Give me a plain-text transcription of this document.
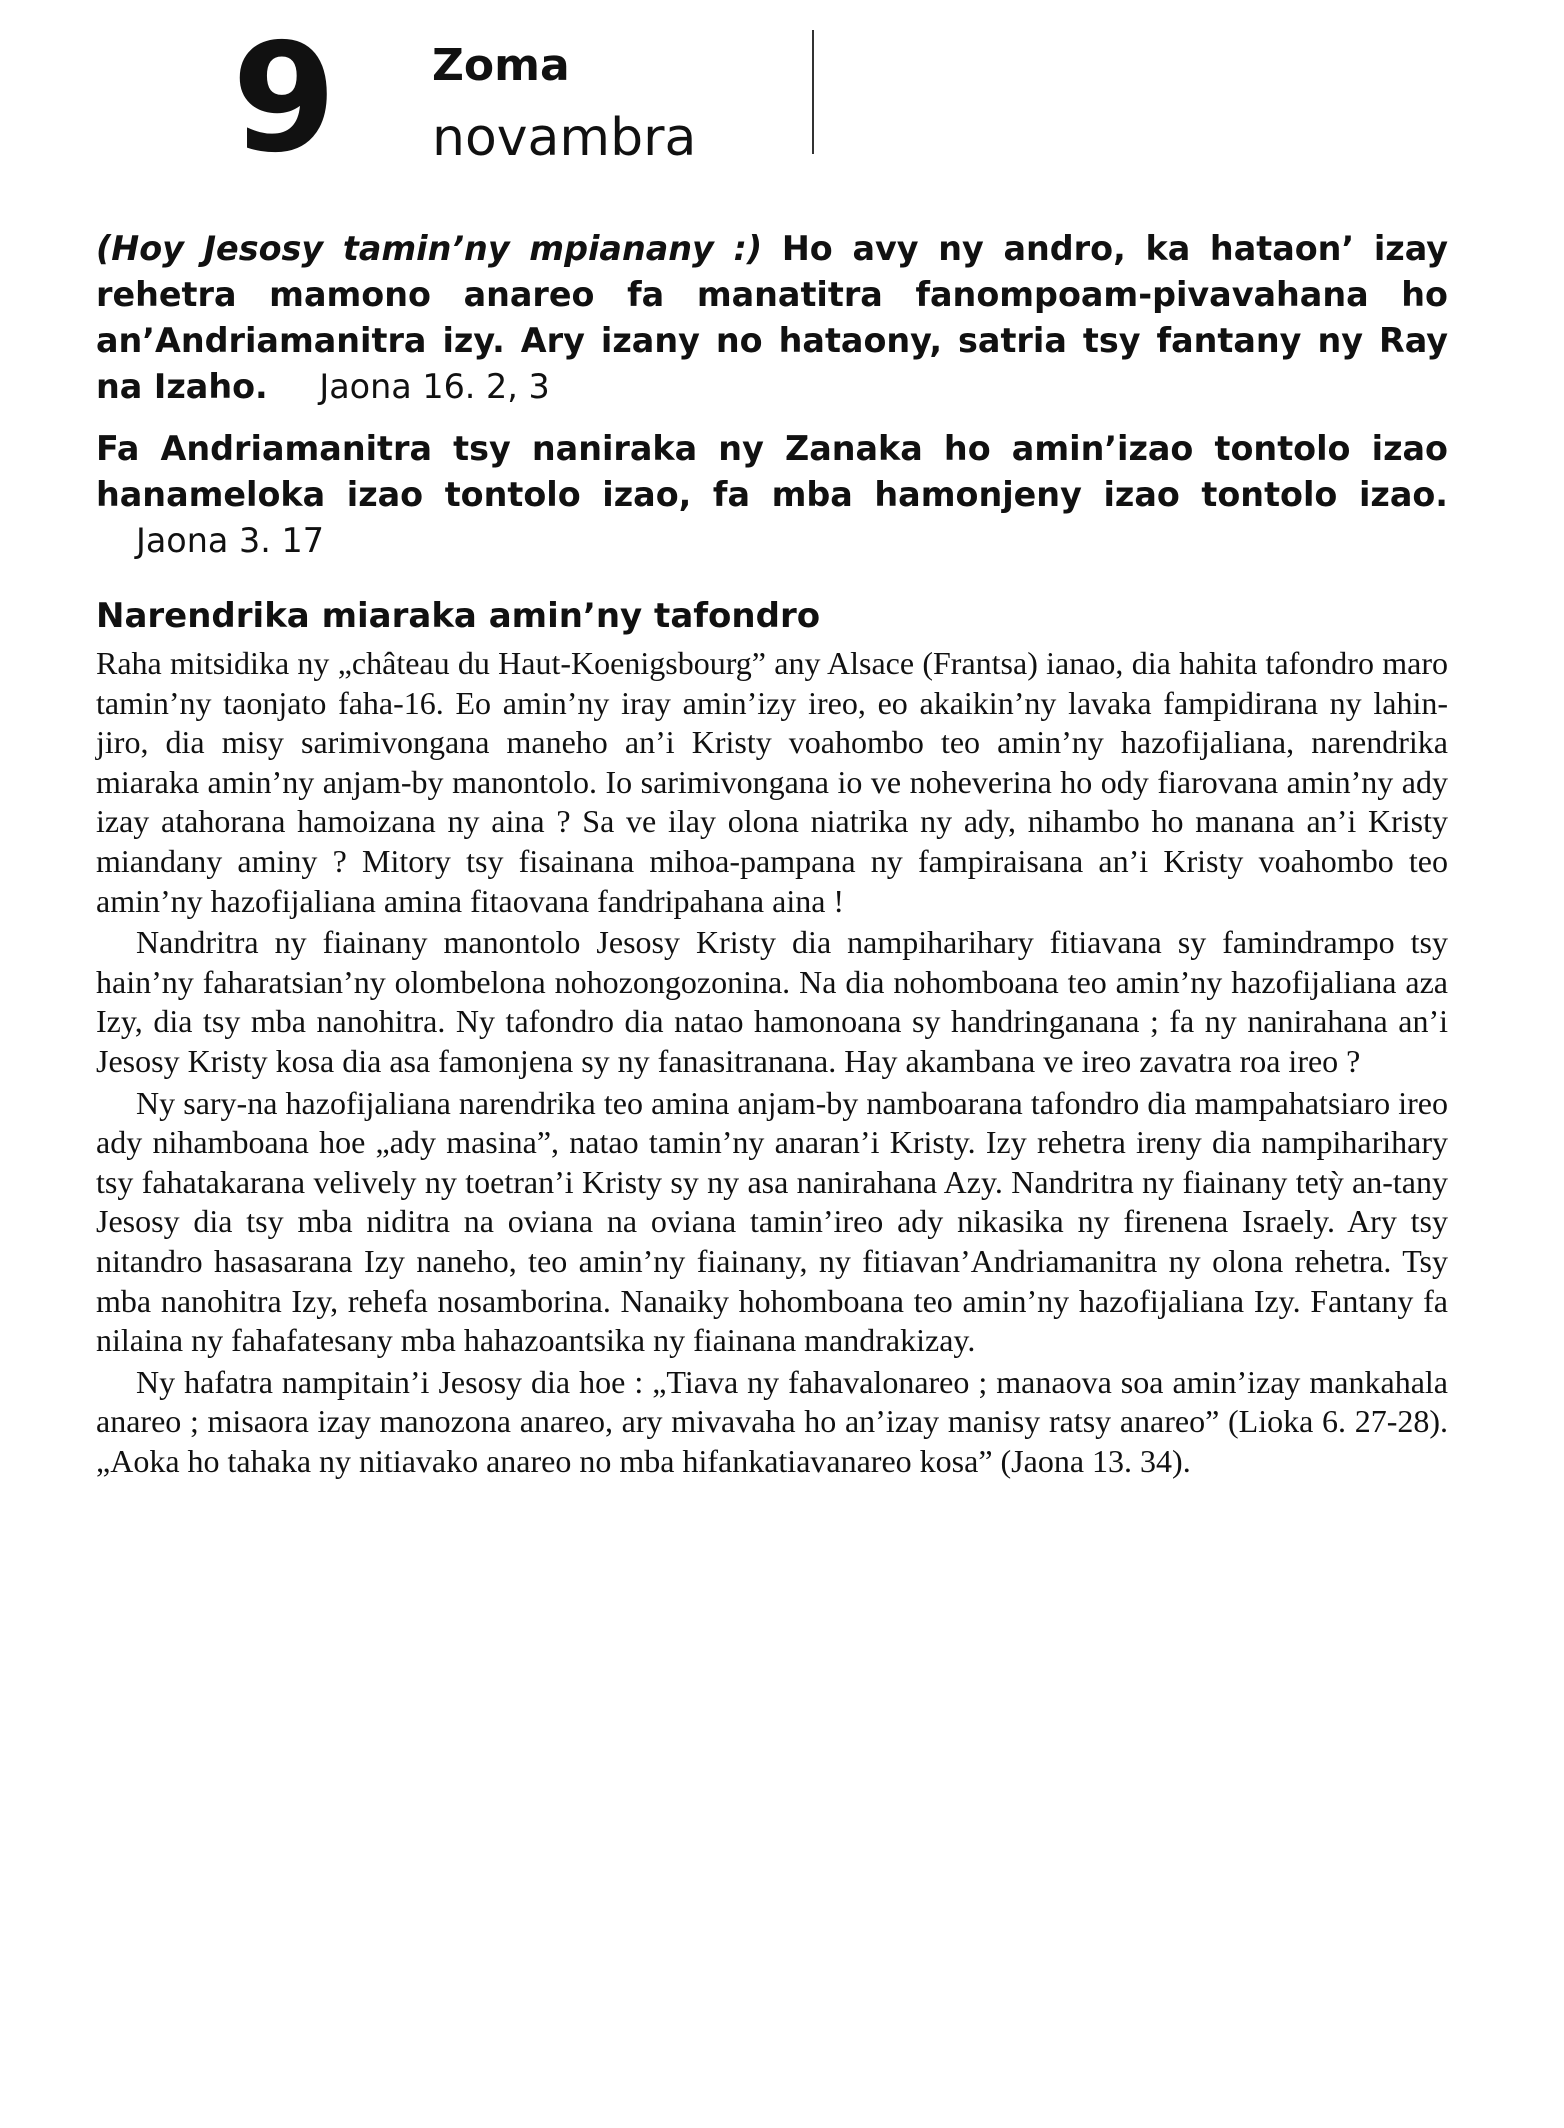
9 Zoma
novambra

(Hoy Jesosy tamin’ny mpianany :) Ho avy ny andro, ka hataon’ izay rehetra mamono anareo fa manatitra fanompoam-pivavahana ho an’Andriamanitra izy. Ary izany no hataony, satria tsy fantany ny Ray na Izaho. Jaona 16. 2, 3

Fa Andriamanitra tsy naniraka ny Zanaka ho amin’izao tontolo izao hanameloka izao tontolo izao, fa mba hamonjeny izao tontolo izao. Jaona 3. 17

Narendrika miaraka amin’ny tafondro

Raha mitsidika ny „château du Haut-Koenigsbourg” any Alsace (Frantsa) ianao, dia hahita tafondro maro tamin’ny taonjato faha-16. Eo amin’ny iray amin’izy ireo, eo akaikin’ny lavaka fampidirana ny lahin-jiro, dia misy sarimivongana maneho an’i Kristy voahombo teo amin’ny hazofijaliana, narendrika miaraka amin’ny anjam-by manontolo. Io sarimivongana io ve noheverina ho ody fiarovana amin’ny ady izay atahorana hamoizana ny aina ? Sa ve ilay olona niatrika ny ady, nihambo ho manana an’i Kristy miandany aminy ? Mitory tsy fisainana mihoa-pampana ny fampiraisana an’i Kristy voahombo teo amin’ny hazofijaliana amina fitaovana fandripahana aina !

Nandritra ny fiainany manontolo Jesosy Kristy dia nampiharihary fitiavana sy famindrampo tsy hain’ny faharatsian’ny olombelona nohozongozonina. Na dia nohomboana teo amin’ny hazofijaliana aza Izy, dia tsy mba nanohitra. Ny tafondro dia natao hamonoana sy handringanana ; fa ny nanirahana an’i Jesosy Kristy kosa dia asa famonjena sy ny fanasitranana. Hay akambana ve ireo zavatra roa ireo ?

Ny sary-na hazofijaliana narendrika teo amina anjam-by namboarana tafondro dia mampahatsiaro ireo ady nihamboana hoe „ady masina”, natao tamin’ny anaran’i Kristy. Izy rehetra ireny dia nampiharihary tsy fahatakarana velively ny toetran’i Kristy sy ny asa nanirahana Azy. Nandritra ny fiainany tetỳ an-tany Jesosy dia tsy mba niditra na oviana na oviana tamin’ireo ady nikasika ny firenena Israely. Ary tsy nitandro hasasarana Izy naneho, teo amin’ny fiainany, ny fitiavan’Andriamanitra ny olona rehetra. Tsy mba nanohitra Izy, rehefa nosamborina. Nanaiky hohomboana teo amin’ny hazofijaliana Izy. Fantany fa nilaina ny fahafatesany mba hahazoantsika ny fiainana mandrakizay.

Ny hafatra nampitain’i Jesosy dia hoe : „Tiava ny fahavalonareo ; manaova soa amin’izay mankahala anareo ; misaora izay manozona anareo, ary mivavaha ho an’izay manisy ratsy anareo” (Lioka 6. 27-28). „Aoka ho tahaka ny nitiavako anareo no mba hifankatiavanareo kosa” (Jaona 13. 34).
